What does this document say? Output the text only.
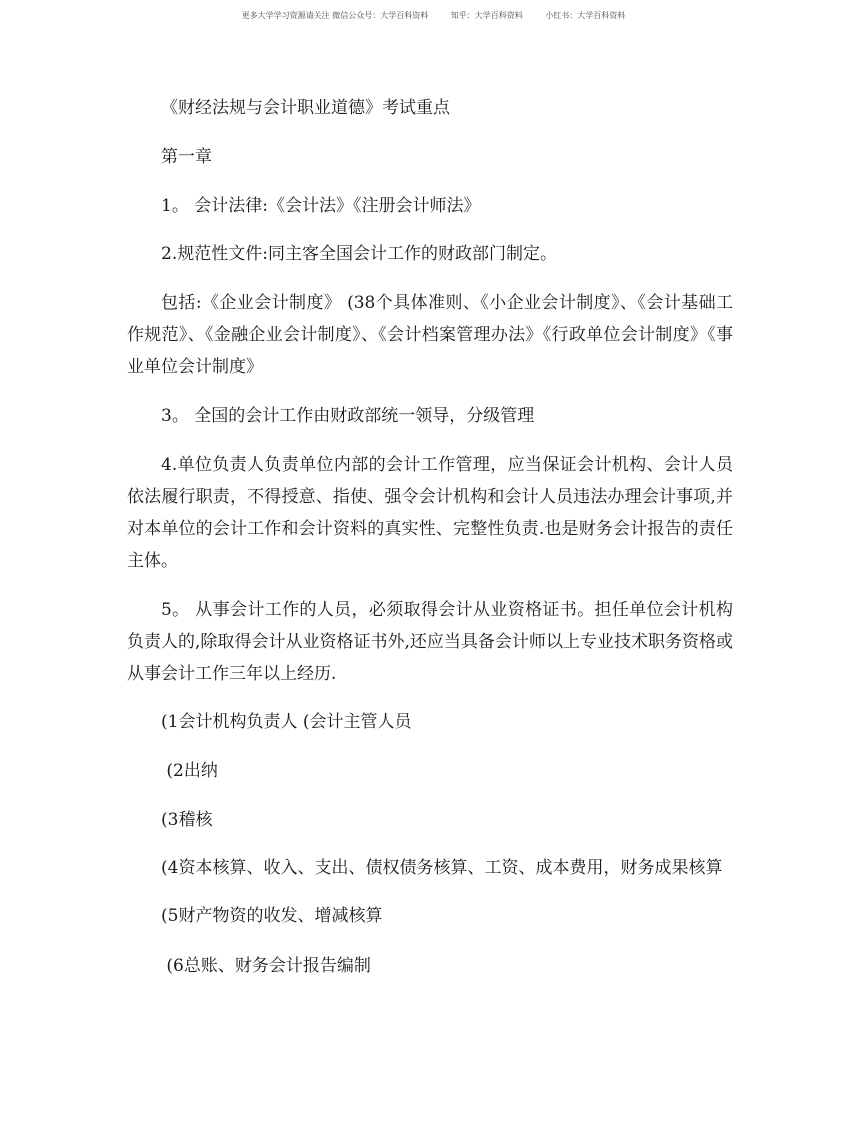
更多大学学习资源请关注 微信公众号：大学百科资料	知乎：大学百科资料	小红书：大学百科资料
《财经法规与会计职业道德》考试重点
第一章
1。 会计法律:《会计法》《注册会计师法》
2.规范性文件:同主客全国会计工作的财政部门制定。
包括:《企业会计制度》 (38个具体准则、《小企业会计制度》、《会计基础工作规范》、《金融企业会计制度》、《会计档案管理办法》《行政单位会计制度》《事业单位会计制度》
3。 全国的会计工作由财政部统一领导，分级管理
4.单位负责人负责单位内部的会计工作管理，应当保证会计机构、会计人员依法履行职责，不得授意、指使、强令会计机构和会计人员违法办理会计事项,并对本单位的会计工作和会计资料的真实性、完整性负责.也是财务会计报告的责任主体。
5。 从事会计工作的人员，必须取得会计从业资格证书。担任单位会计机构负责人的,除取得会计从业资格证书外,还应当具备会计师以上专业技术职务资格或从事会计工作三年以上经历.
(1会计机构负责人 (会计主管人员
(2出纳
(3稽核
(4资本核算、收入、支出、债权债务核算、工资、成本费用，财务成果核算
(5财产物资的收发、增减核算
(6总账、财务会计报告编制
